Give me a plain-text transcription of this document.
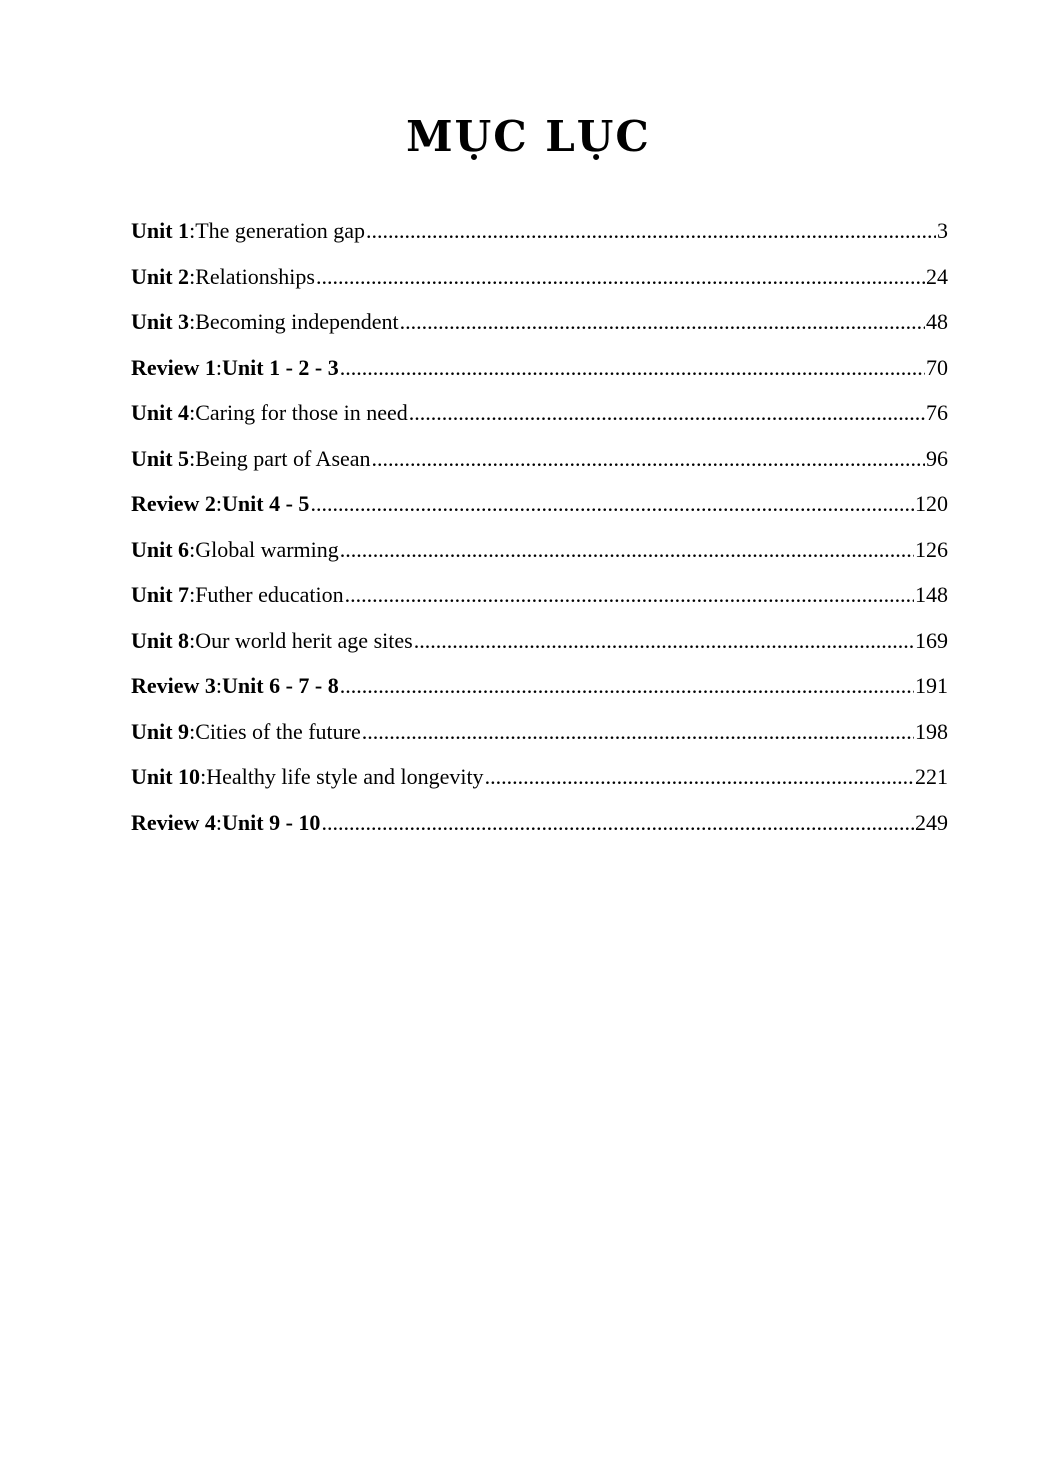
MỤC LỤC
Unit 1 : The generation gap .....	3
Unit 2 : Relationships .....	24
Unit 3 : Becoming independent .....	48
Review 1 : Unit 1 - 2 - 3 .....	70
Unit 4 : Caring for those in need .....	76
Unit 5 : Being part of Asean .....	96
Review 2 : Unit 4 - 5 .....	120
Unit 6 : Global warming .....	126
Unit 7 : Futher education .....	148
Unit 8 : Our world herit age sites .....	169
Review 3 : Unit 6 - 7 - 8 .....	191
Unit 9 : Cities of the future .....	198
Unit 10 : Healthy life style and longevity .....	221
Review 4 : Unit 9 - 10 .....	249
